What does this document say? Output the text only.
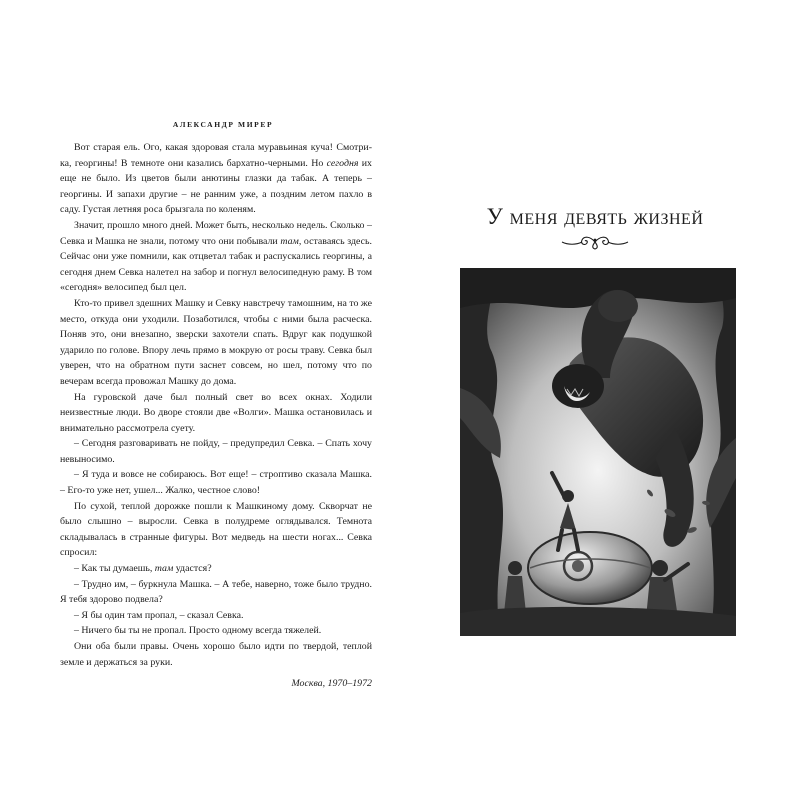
АЛЕКСАНДР МИРЕР

Вот старая ель. Ого, какая здоровая стала муравьиная куча! Смотри-ка, георгины! В темноте они казались бархатно-черными. Но сегодня их еще не было. Из цветов были анютины глазки да табак. А теперь – георгины. И запахи другие – не ранним уже, а поздним летом пахло в саду. Густая летняя роса брызгала по коленям.

Значит, прошло много дней. Может быть, несколько недель. Сколько – Севка и Машка не знали, потому что они побывали там, оставаясь здесь. Сейчас они уже помнили, как отцветал табак и распускались георгины, а сегодня днем Севка налетел на забор и погнул велосипедную раму. В том «сегодня» велосипед был цел.

Кто-то привел здешних Машку и Севку навстречу тамошним, на то же место, откуда они уходили. Позаботился, чтобы с ними была расческа. Поняв это, они внезапно, зверски захотели спать. Вдруг как подушкой ударило по голове. Впору лечь прямо в мокрую от росы траву. Севка был уверен, что на обратном пути заснет совсем, но шел, потому что по вечерам всегда провожал Машку до дома.

На гуровской даче был полный свет во всех окнах. Ходили неизвестные люди. Во дворе стояли две «Волги». Машка остановилась и внимательно рассмотрела суету.

– Сегодня разговаривать не пойду, – предупредил Севка. – Спать хочу невыносимо.

– Я туда и вовсе не собираюсь. Вот еще! – строптиво сказала Машка. – Его-то уже нет, ушел... Жалко, честное слово!

По сухой, теплой дорожке пошли к Машкиному дому. Скворчат не было слышно – выросли. Севка в полудреме оглядывался. Темнота складывалась в странные фигуры. Вот медведь на шести ногах... Севка спросил:

– Как ты думаешь, там удастся?

– Трудно им, – буркнула Машка. – А тебе, наверно, тоже было трудно. Я тебя здорово подвела?

– Я бы один там пропал, – сказал Севка.

– Ничего бы ты не пропал. Просто одному всегда тяжелей.

Они оба были правы. Очень хорошо было идти по твердой, теплой земле и держаться за руки.

Москва, 1970–1972
У меня девять жизней
